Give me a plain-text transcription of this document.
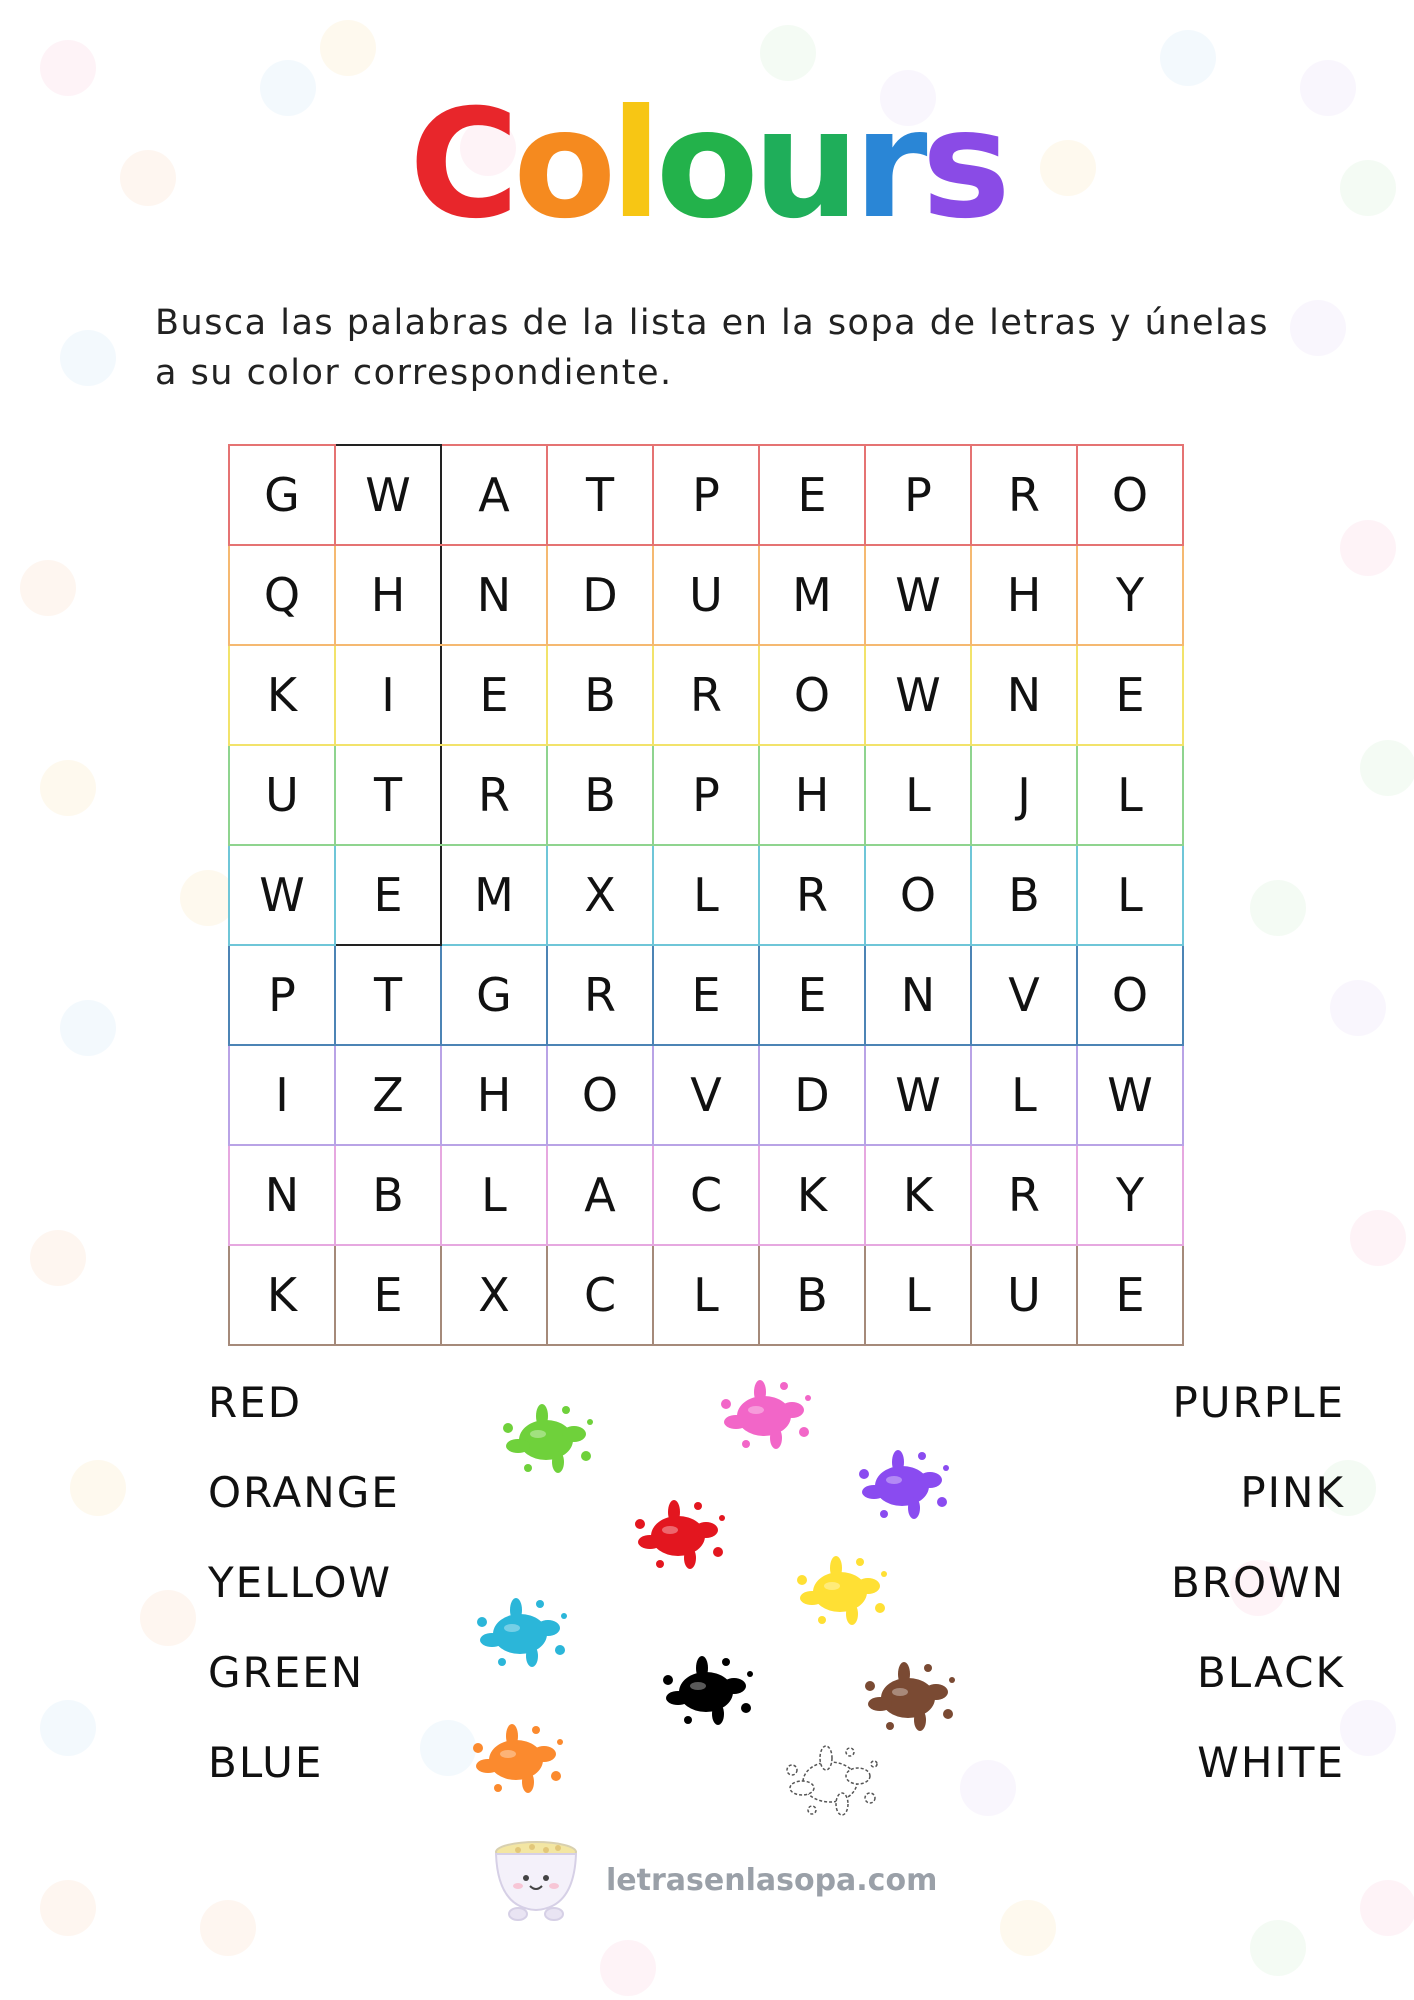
Colours
Busca las palabras de la lista en la sopa de letras y únelas a su color correspondiente.
G	W	A	T	P	E	P	R	O
Q	H	N	D	U	M	W	H	Y
K	I	E	B	R	O	W	N	E
U	T	R	B	P	H	L	J	L
W	E	M	X	L	R	O	B	L
P	T	G	R	E	E	N	V	O
I	Z	H	O	V	D	W	L	W
N	B	L	A	C	K	K	R	Y
K	E	X	C	L	B	L	U	E
RED
ORANGE
YELLOW
GREEN
BLUE
PURPLE
PINK
BROWN
BLACK
WHITE
letrasenlasopa.com
